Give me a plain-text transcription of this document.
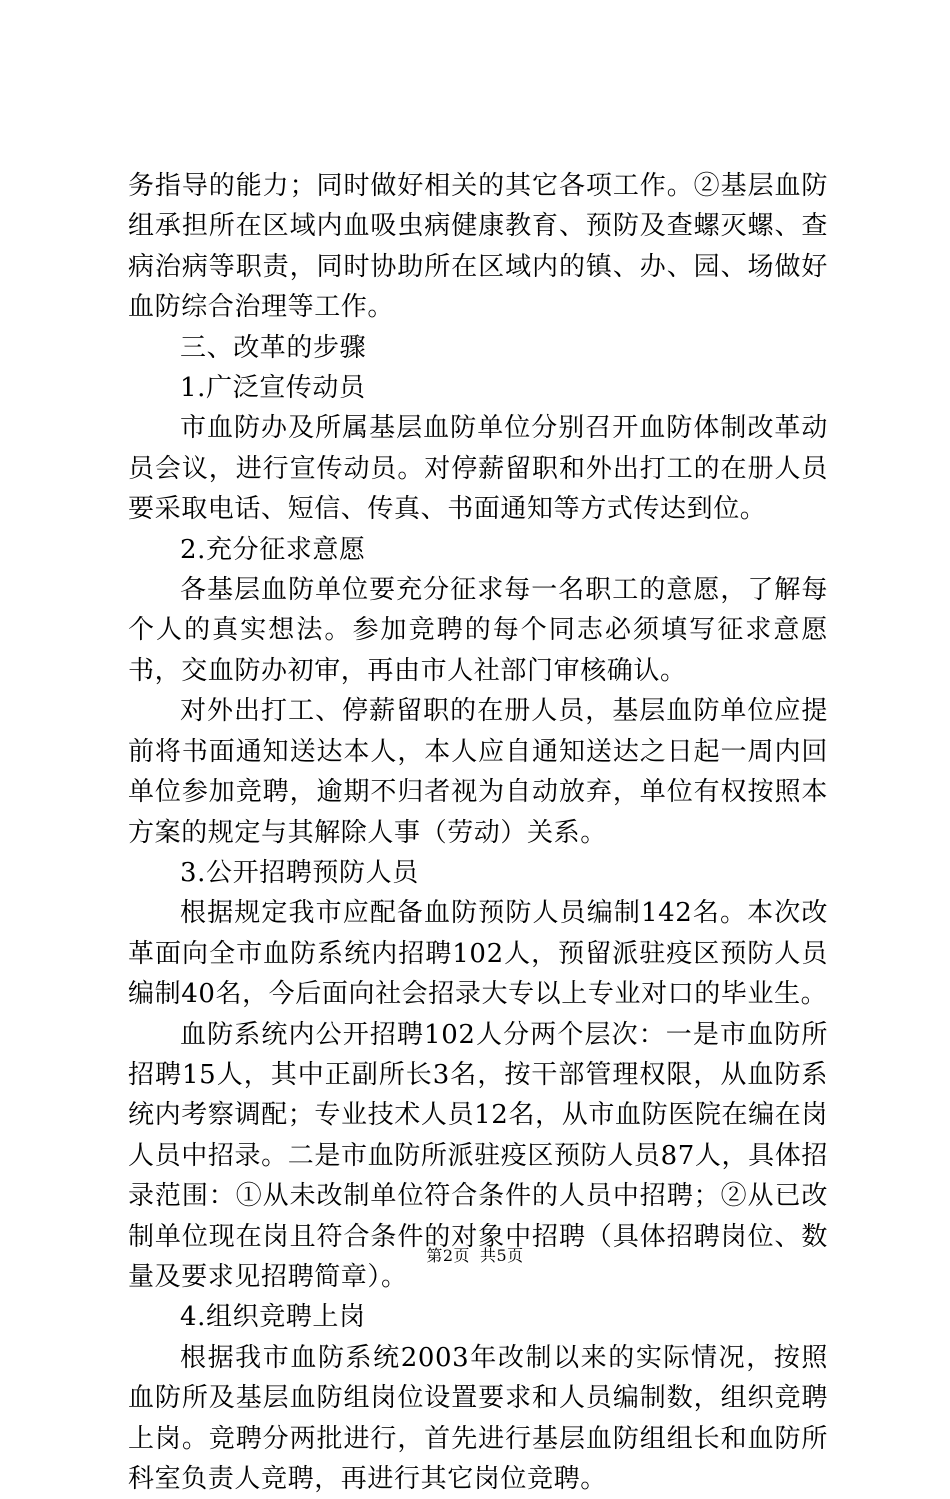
务指导的能力；同时做好相关的其它各项工作。②基层血防组承担所在区域内血吸虫病健康教育、预防及查螺灭螺、查病治病等职责，同时协助所在区域内的镇、办、园、场做好血防综合治理等工作。

三、改革的步骤

1.广泛宣传动员

市血防办及所属基层血防单位分别召开血防体制改革动员会议，进行宣传动员。对停薪留职和外出打工的在册人员要采取电话、短信、传真、书面通知等方式传达到位。

2.充分征求意愿

各基层血防单位要充分征求每一名职工的意愿，了解每个人的真实想法。参加竞聘的每个同志必须填写征求意愿书，交血防办初审，再由市人社部门审核确认。

对外出打工、停薪留职的在册人员，基层血防单位应提前将书面通知送达本人，本人应自通知送达之日起一周内回单位参加竞聘，逾期不归者视为自动放弃，单位有权按照本方案的规定与其解除人事（劳动）关系。

3.公开招聘预防人员

根据规定我市应配备血防预防人员编制142名。本次改革面向全市血防系统内招聘102人，预留派驻疫区预防人员编制40名，今后面向社会招录大专以上专业对口的毕业生。

血防系统内公开招聘102人分两个层次：一是市血防所招聘15人，其中正副所长3名，按干部管理权限，从血防系统内考察调配；专业技术人员12名，从市血防医院在编在岗人员中招录。二是市血防所派驻疫区预防人员87人，具体招录范围：①从未改制单位符合条件的人员中招聘；②从已改制单位现在岗且符合条件的对象中招聘（具体招聘岗位、数量及要求见招聘简章）。

4.组织竞聘上岗

根据我市血防系统2003年改制以来的实际情况，按照血防所及基层血防组岗位设置要求和人员编制数，组织竞聘上岗。竞聘分两批进行，首先进行基层血防组组长和血防所科室负责人竞聘，再进行其它岗位竞聘。

第2页 共5页
